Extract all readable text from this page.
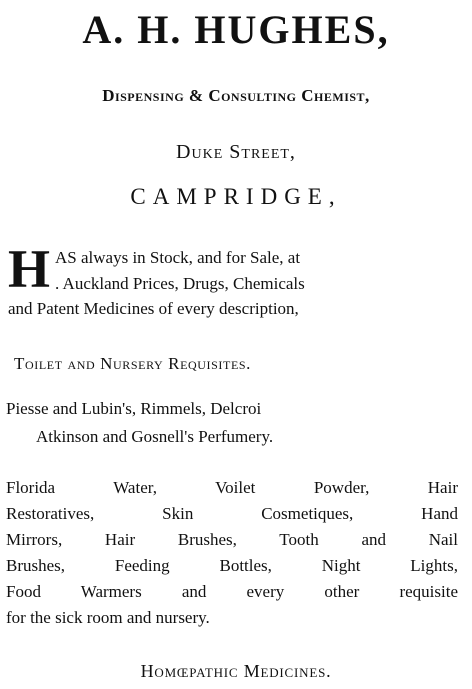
A. H. HUGHES,
Dispensing & Consulting Chemist,
Duke Street,
CAMPRIDGE,
H AS always in Stock, and for Sale, at
. Auckland Prices, Drugs, Chemicals
and Patent Medicines of every description,
Toilet and Nursery Requisites.
Piesse and Lubin's, Rimmels, Delcroi
Atkinson and Gosnell's Perfumery.
Florida Water, Voilet Powder, Hair
Restoratives, Skin Cosmetiques, Hand
Mirrors, Hair Brushes, Tooth and Nail
Brushes, Feeding Bottles, Night Lights,
Food Warmers and every other requisite
for the sick room and nursery.
Homœpathic Medicines.
